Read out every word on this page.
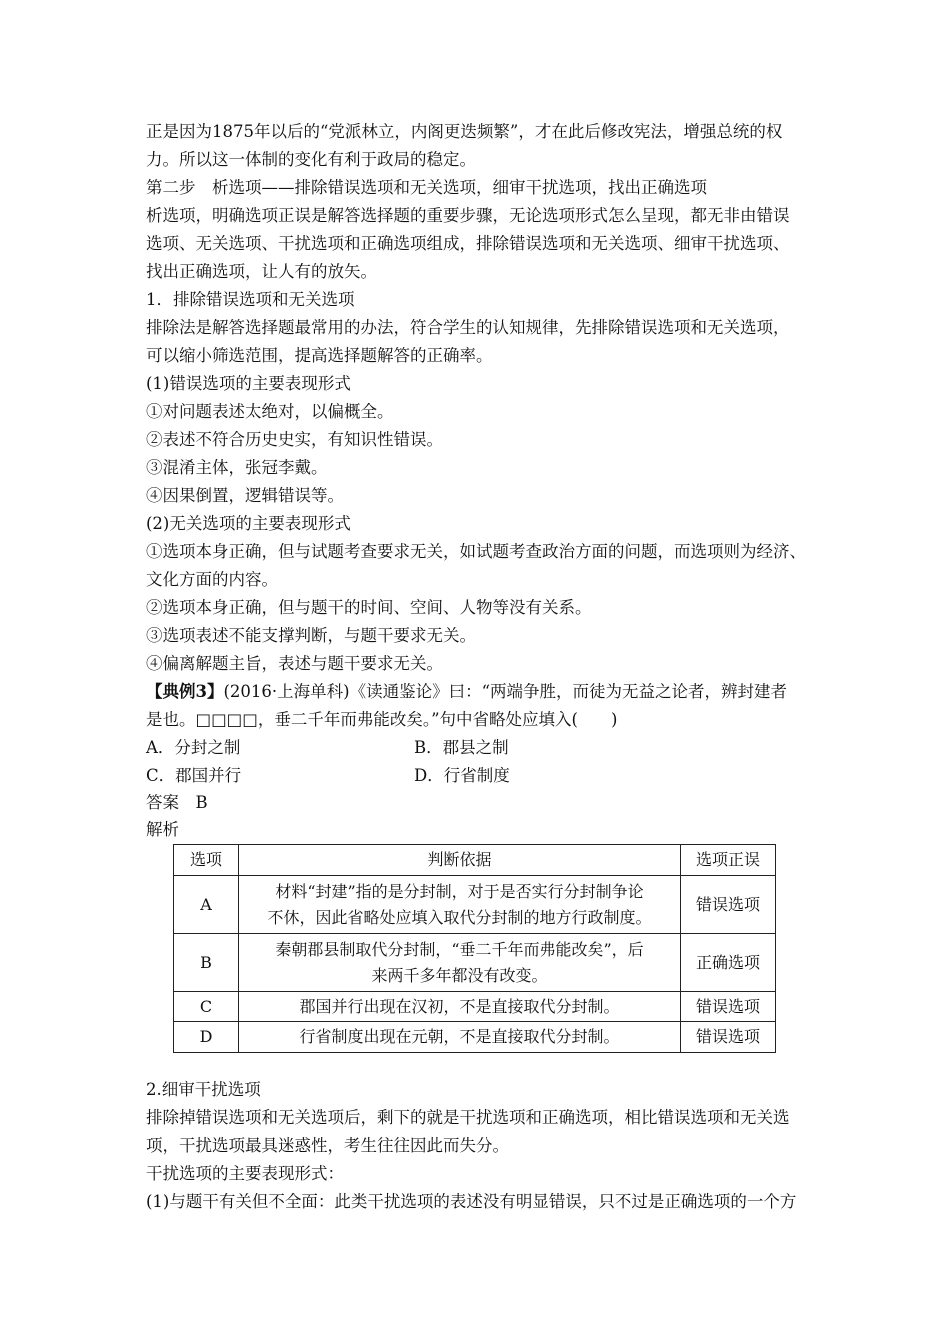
正是因为1875年以后的“党派林立，内阁更迭频繁”，才在此后修改宪法，增强总统的权
力。所以这一体制的变化有利于政局的稳定。
第二步　析选项——排除错误选项和无关选项，细审干扰选项，找出正确选项
析选项，明确选项正误是解答选择题的重要步骤，无论选项形式怎么呈现，都无非由错误
选项、无关选项、干扰选项和正确选项组成，排除错误选项和无关选项、细审干扰选项、
找出正确选项，让人有的放矢。
1．排除错误选项和无关选项
排除法是解答选择题最常用的办法，符合学生的认知规律，先排除错误选项和无关选项，
可以缩小筛选范围，提高选择题解答的正确率。
(1)错误选项的主要表现形式
①对问题表述太绝对，以偏概全。
②表述不符合历史史实，有知识性错误。
③混淆主体，张冠李戴。
④因果倒置，逻辑错误等。
(2)无关选项的主要表现形式
①选项本身正确，但与试题考查要求无关，如试题考查政治方面的问题，而选项则为经济、
文化方面的内容。
②选项本身正确，但与题干的时间、空间、人物等没有关系。
③选项表述不能支撑判断，与题干要求无关。
④偏离解题主旨，表述与题干要求无关。
【典例3】(2016·上海单科)《读通鉴论》曰：“两端争胜，而徒为无益之论者，辨封建者
是也。□□□□，垂二千年而弗能改矣。”句中省略处应填入(　　)
A．分封之制	B．郡县之制
C．郡国并行	D．行省制度
答案　B
解析
选项	判断依据	选项正误
A	材料“封建”指的是分封制，对于是否实行分封制争论
不休，因此省略处应填入取代分封制的地方行政制度。	错误选项
B	秦朝郡县制取代分封制，“垂二千年而弗能改矣”，后
来两千多年都没有改变。	正确选项
C	郡国并行出现在汉初，不是直接取代分封制。	错误选项
D	行省制度出现在元朝，不是直接取代分封制。	错误选项
2.细审干扰选项
排除掉错误选项和无关选项后，剩下的就是干扰选项和正确选项，相比错误选项和无关选
项，干扰选项最具迷惑性，考生往往因此而失分。
干扰选项的主要表现形式：
(1)与题干有关但不全面：此类干扰选项的表述没有明显错误，只不过是正确选项的一个方
